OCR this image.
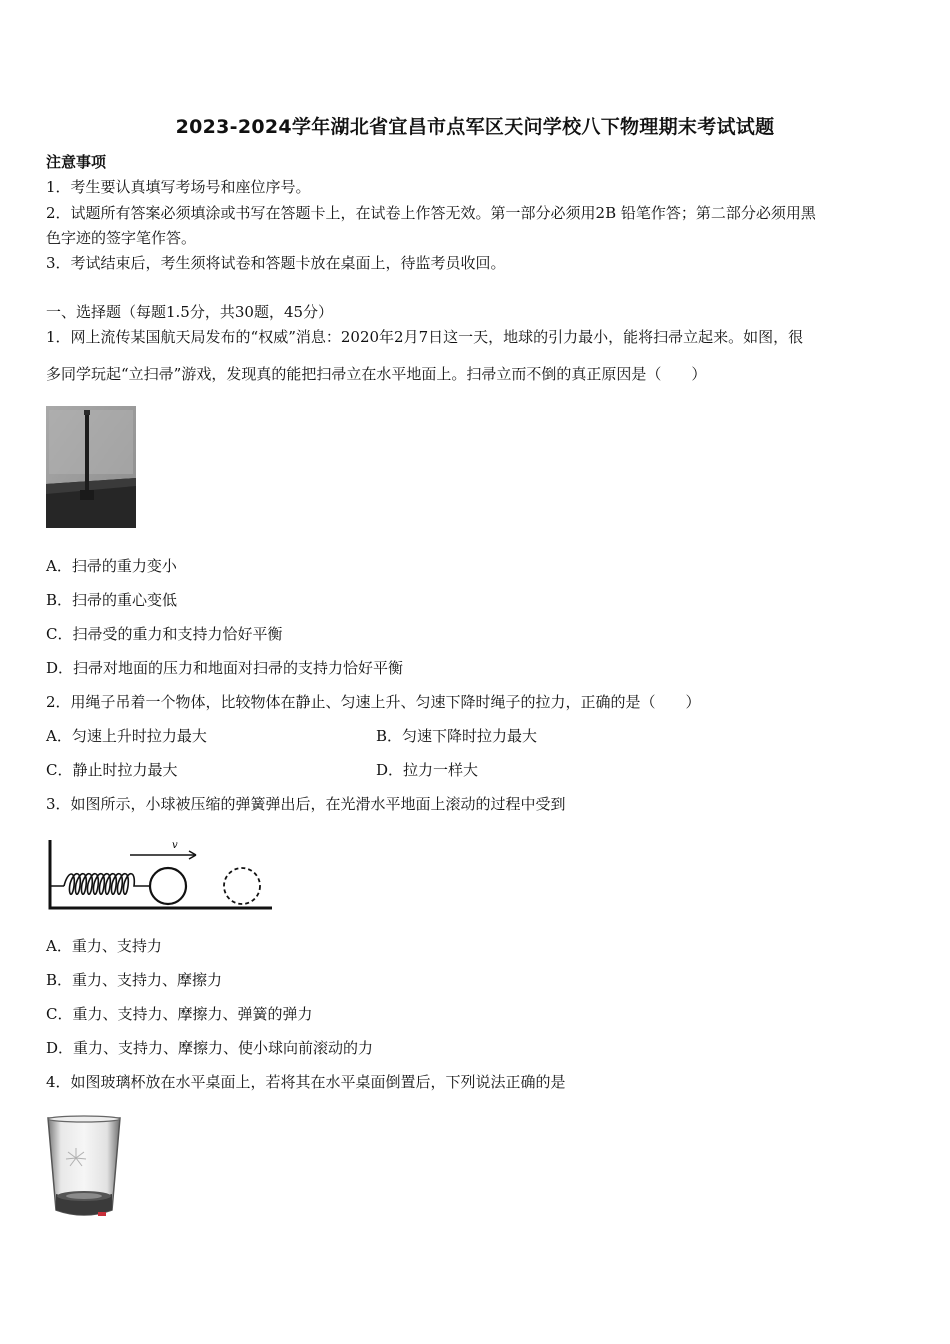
2023-2024学年湖北省宜昌市点军区天问学校八下物理期末考试试题
注意事项
1．考生要认真填写考场号和座位序号。
2．试题所有答案必须填涂或书写在答题卡上，在试卷上作答无效。第一部分必须用2B 铅笔作答；第二部分必须用黑
色字迹的签字笔作答。
3．考试结束后，考生须将试卷和答题卡放在桌面上，待监考员收回。
一、选择题（每题1.5分，共30题，45分）
1．网上流传某国航天局发布的“权威”消息：2020年2月7日这一天，地球的引力最小，能将扫帚立起来。如图，很
多同学玩起“立扫帚”游戏，发现真的能把扫帚立在水平地面上。扫帚立而不倒的真正原因是（　　）
A．扫帚的重力变小
B．扫帚的重心变低
C．扫帚受的重力和支持力恰好平衡
D．扫帚对地面的压力和地面对扫帚的支持力恰好平衡
2．用绳子吊着一个物体，比较物体在静止、匀速上升、匀速下降时绳子的拉力，正确的是（　　）
A．匀速上升时拉力最大	B．匀速下降时拉力最大
C．静止时拉力最大	D．拉力一样大
3．如图所示，小球被压缩的弹簧弹出后，在光滑水平地面上滚动的过程中受到
v
A．重力、支持力
B．重力、支持力、摩擦力
C．重力、支持力、摩擦力、弹簧的弹力
D．重力、支持力、摩擦力、使小球向前滚动的力
4．如图玻璃杯放在水平桌面上，若将其在水平桌面倒置后，下列说法正确的是
